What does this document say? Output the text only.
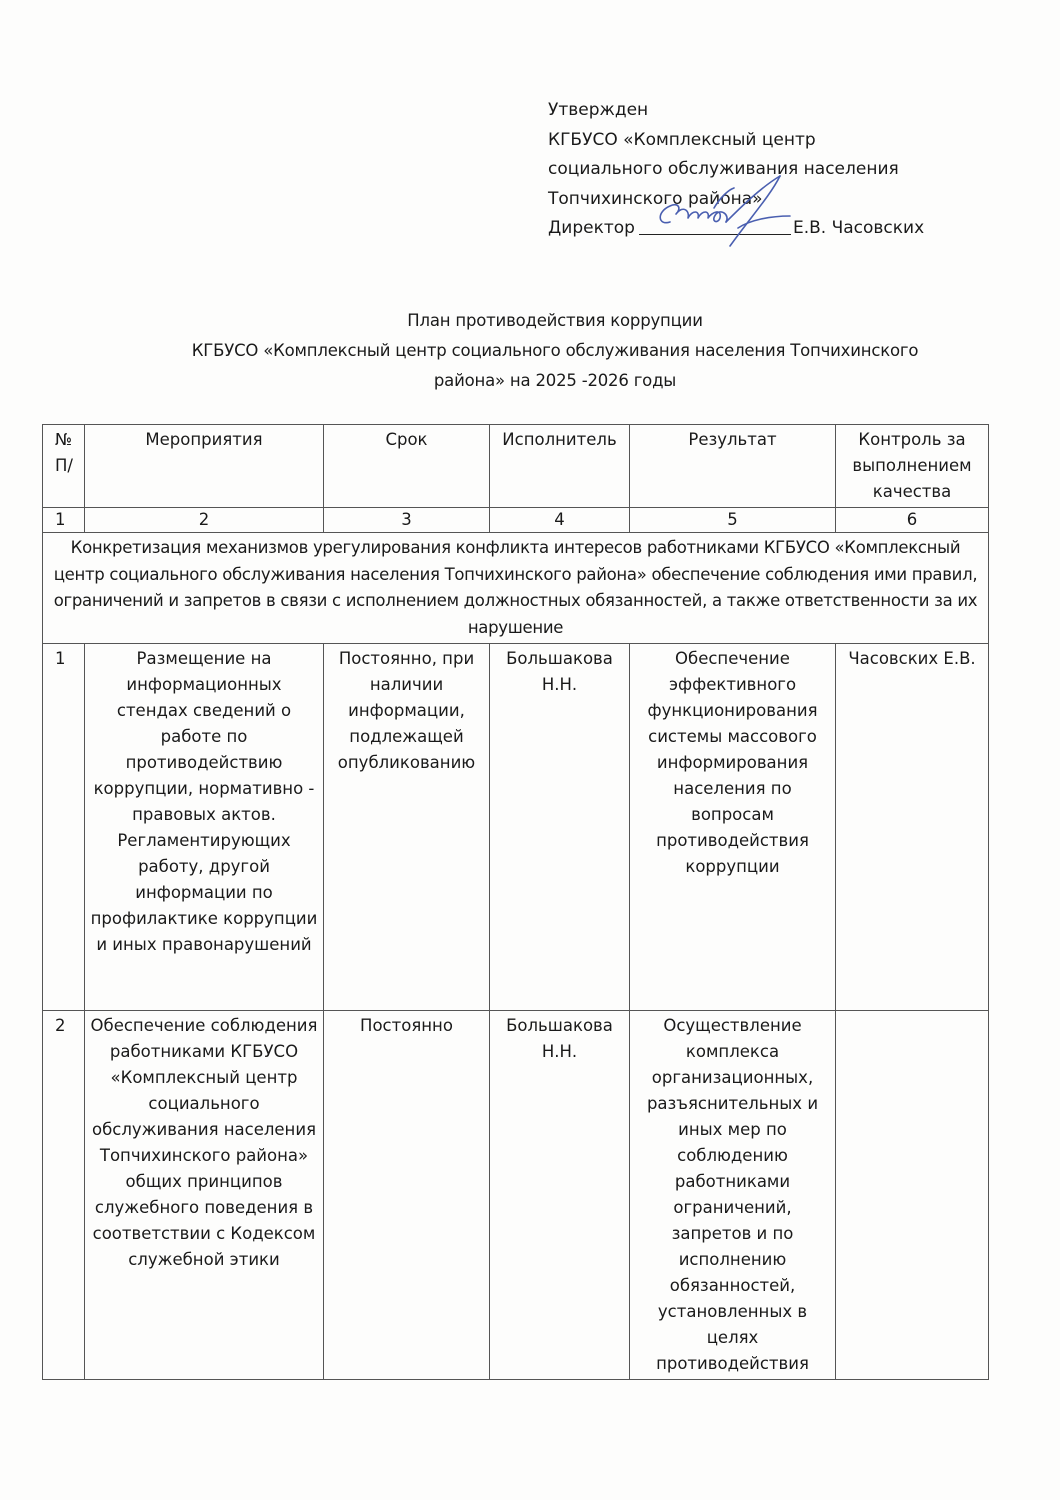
Утвержден
КГБУСО «Комплексный центр
социального обслуживания населения
Топчихинского района»
Директор	Е.В. Часовских
План противодействия коррупции
КГБУСО «Комплексный центр социального обслуживания населения Топчихинского
района» на 2025 -2026 годы
№ П/	Мероприятия	Срок	Исполнитель	Результат	Контроль за выполнением качества
1	2	3	4	5	6
Конкретизация механизмов урегулирования конфликта интересов работниками КГБУСО «Комплексный центр социального обслуживания населения Топчихинского района» обеспечение соблюдения ими правил, ограничений и запретов в связи с исполнением должностных обязанностей, а также ответственности за их нарушение					
1	Размещение на информационных стендах сведений о работе по противодействию коррупции, нормативно - правовых актов. Регламентирующих работу, другой информации по профилактике коррупции и иных правонарушений	Постоянно, при наличии информации, подлежащей опубликованию	Большакова Н.Н.	Обеспечение эффективного функционирования системы массового информирования населения по вопросам противодействия коррупции	Часовских Е.В.
2	Обеспечение соблюдения работниками КГБУСО «Комплексный центр социального обслуживания населения Топчихинского района» общих принципов служебного поведения в соответствии с Кодексом служебной этики	Постоянно	Большакова Н.Н.	Осуществление комплекса организационных, разъяснительных и иных мер по соблюдению работниками ограничений, запретов и по исполнению обязанностей, установленных в целях противодействия	
